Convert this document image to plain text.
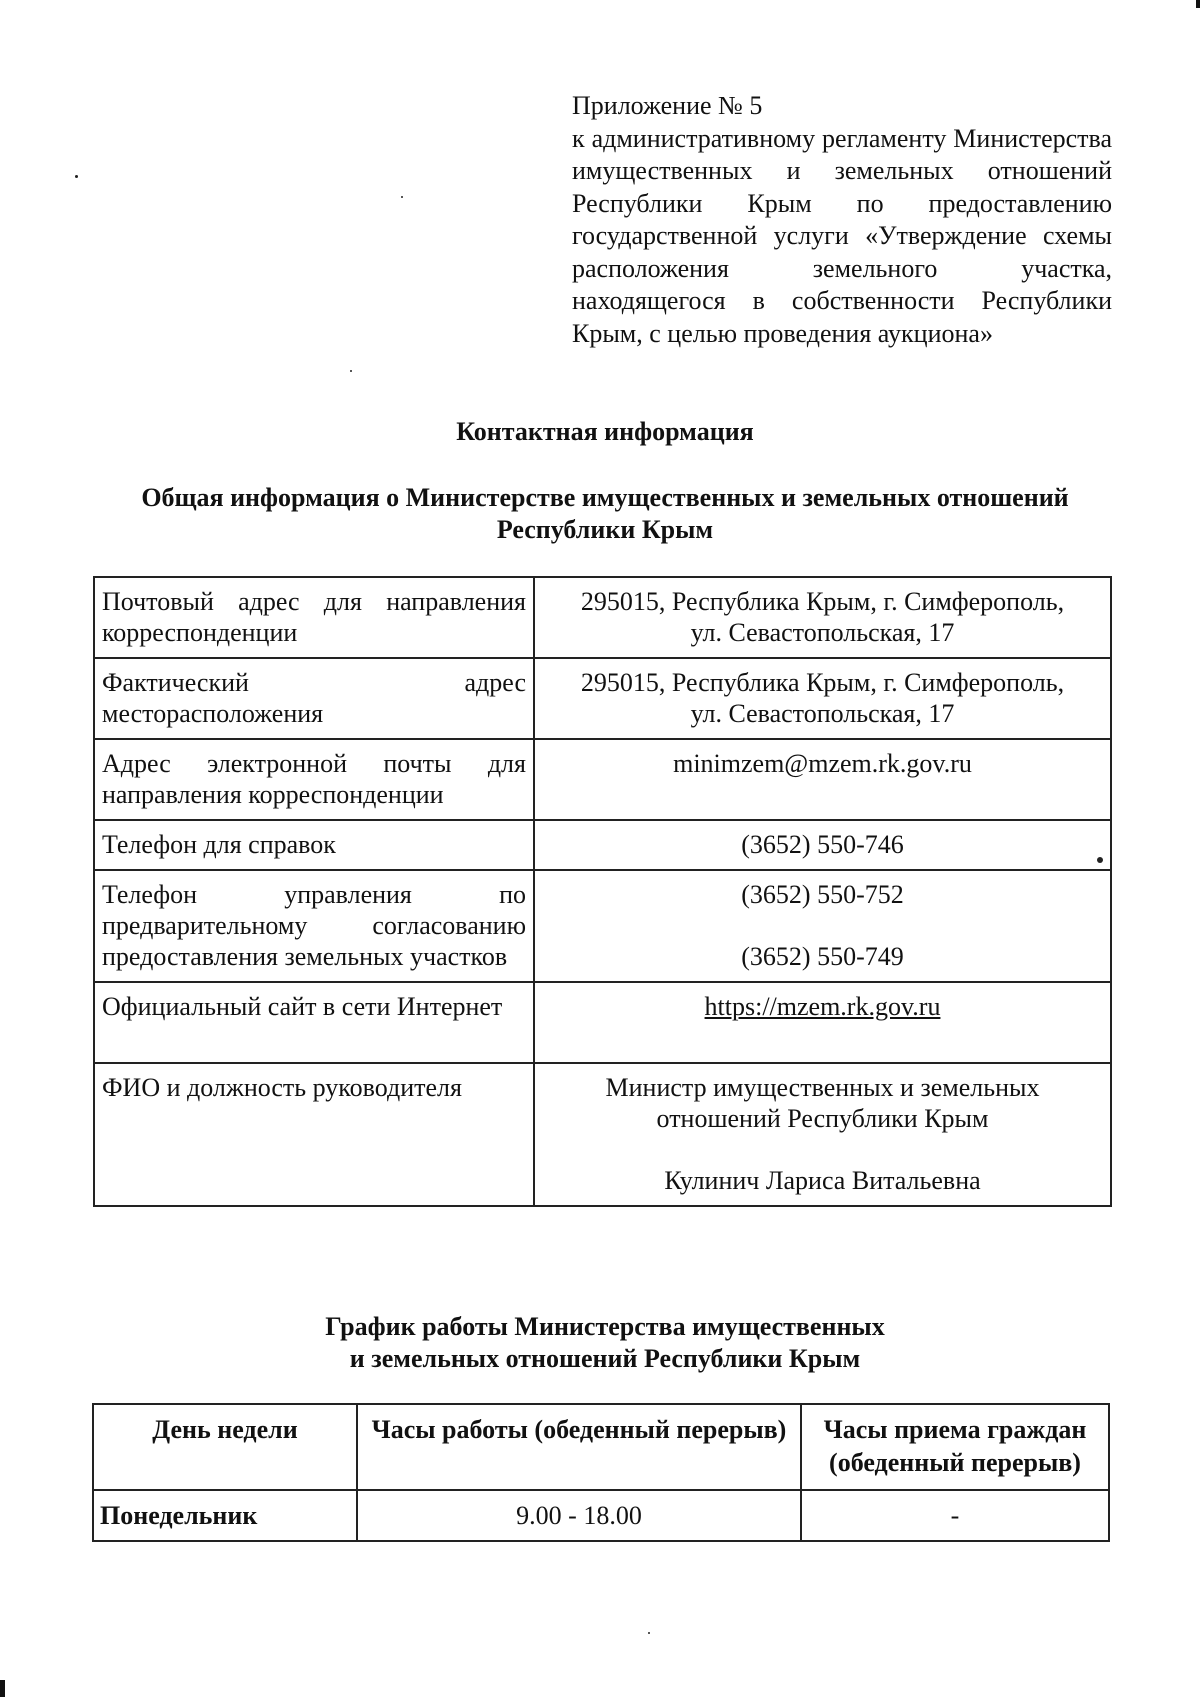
Приложение № 5
к административному регламенту Министерства имущественных и земельных отношений Республики Крым по предоставлению государственной услуги «Утверждение схемы расположения земельного участка, находящегося в собственности Республики Крым, с целью проведения аукциона»
Контактная информация
Общая информация о Министерстве имущественных и земельных отношений Республики Крым
Почтовый адрес для направления корреспонденции	295015, Республика Крым, г. Симферополь,
ул. Севастопольская, 17
Фактический адрес месторасположения	295015, Республика Крым, г. Симферополь,
ул. Севастопольская, 17
Адрес электронной почты для направления корреспонденции	minimzem@mzem.rk.gov.ru

Телефон для справок	(3652) 550-746
Телефон управления по предварительному согласованию предоставления земельных участков	(3652) 550-752
(3652) 550-749
Официальный сайт в сети Интернет	https://mzem.rk.gov.ru

ФИО и должность руководителя	Министр имущественных и земельных
отношений Республики Крым
Кулинич Лариса Витальевна
График работы Министерства имущественных
и земельных отношений Республики Крым
День недели	Часы работы (обеденный перерыв)	Часы приема граждан (обеденный перерыв)
Понедельник	9.00 - 18.00	-
